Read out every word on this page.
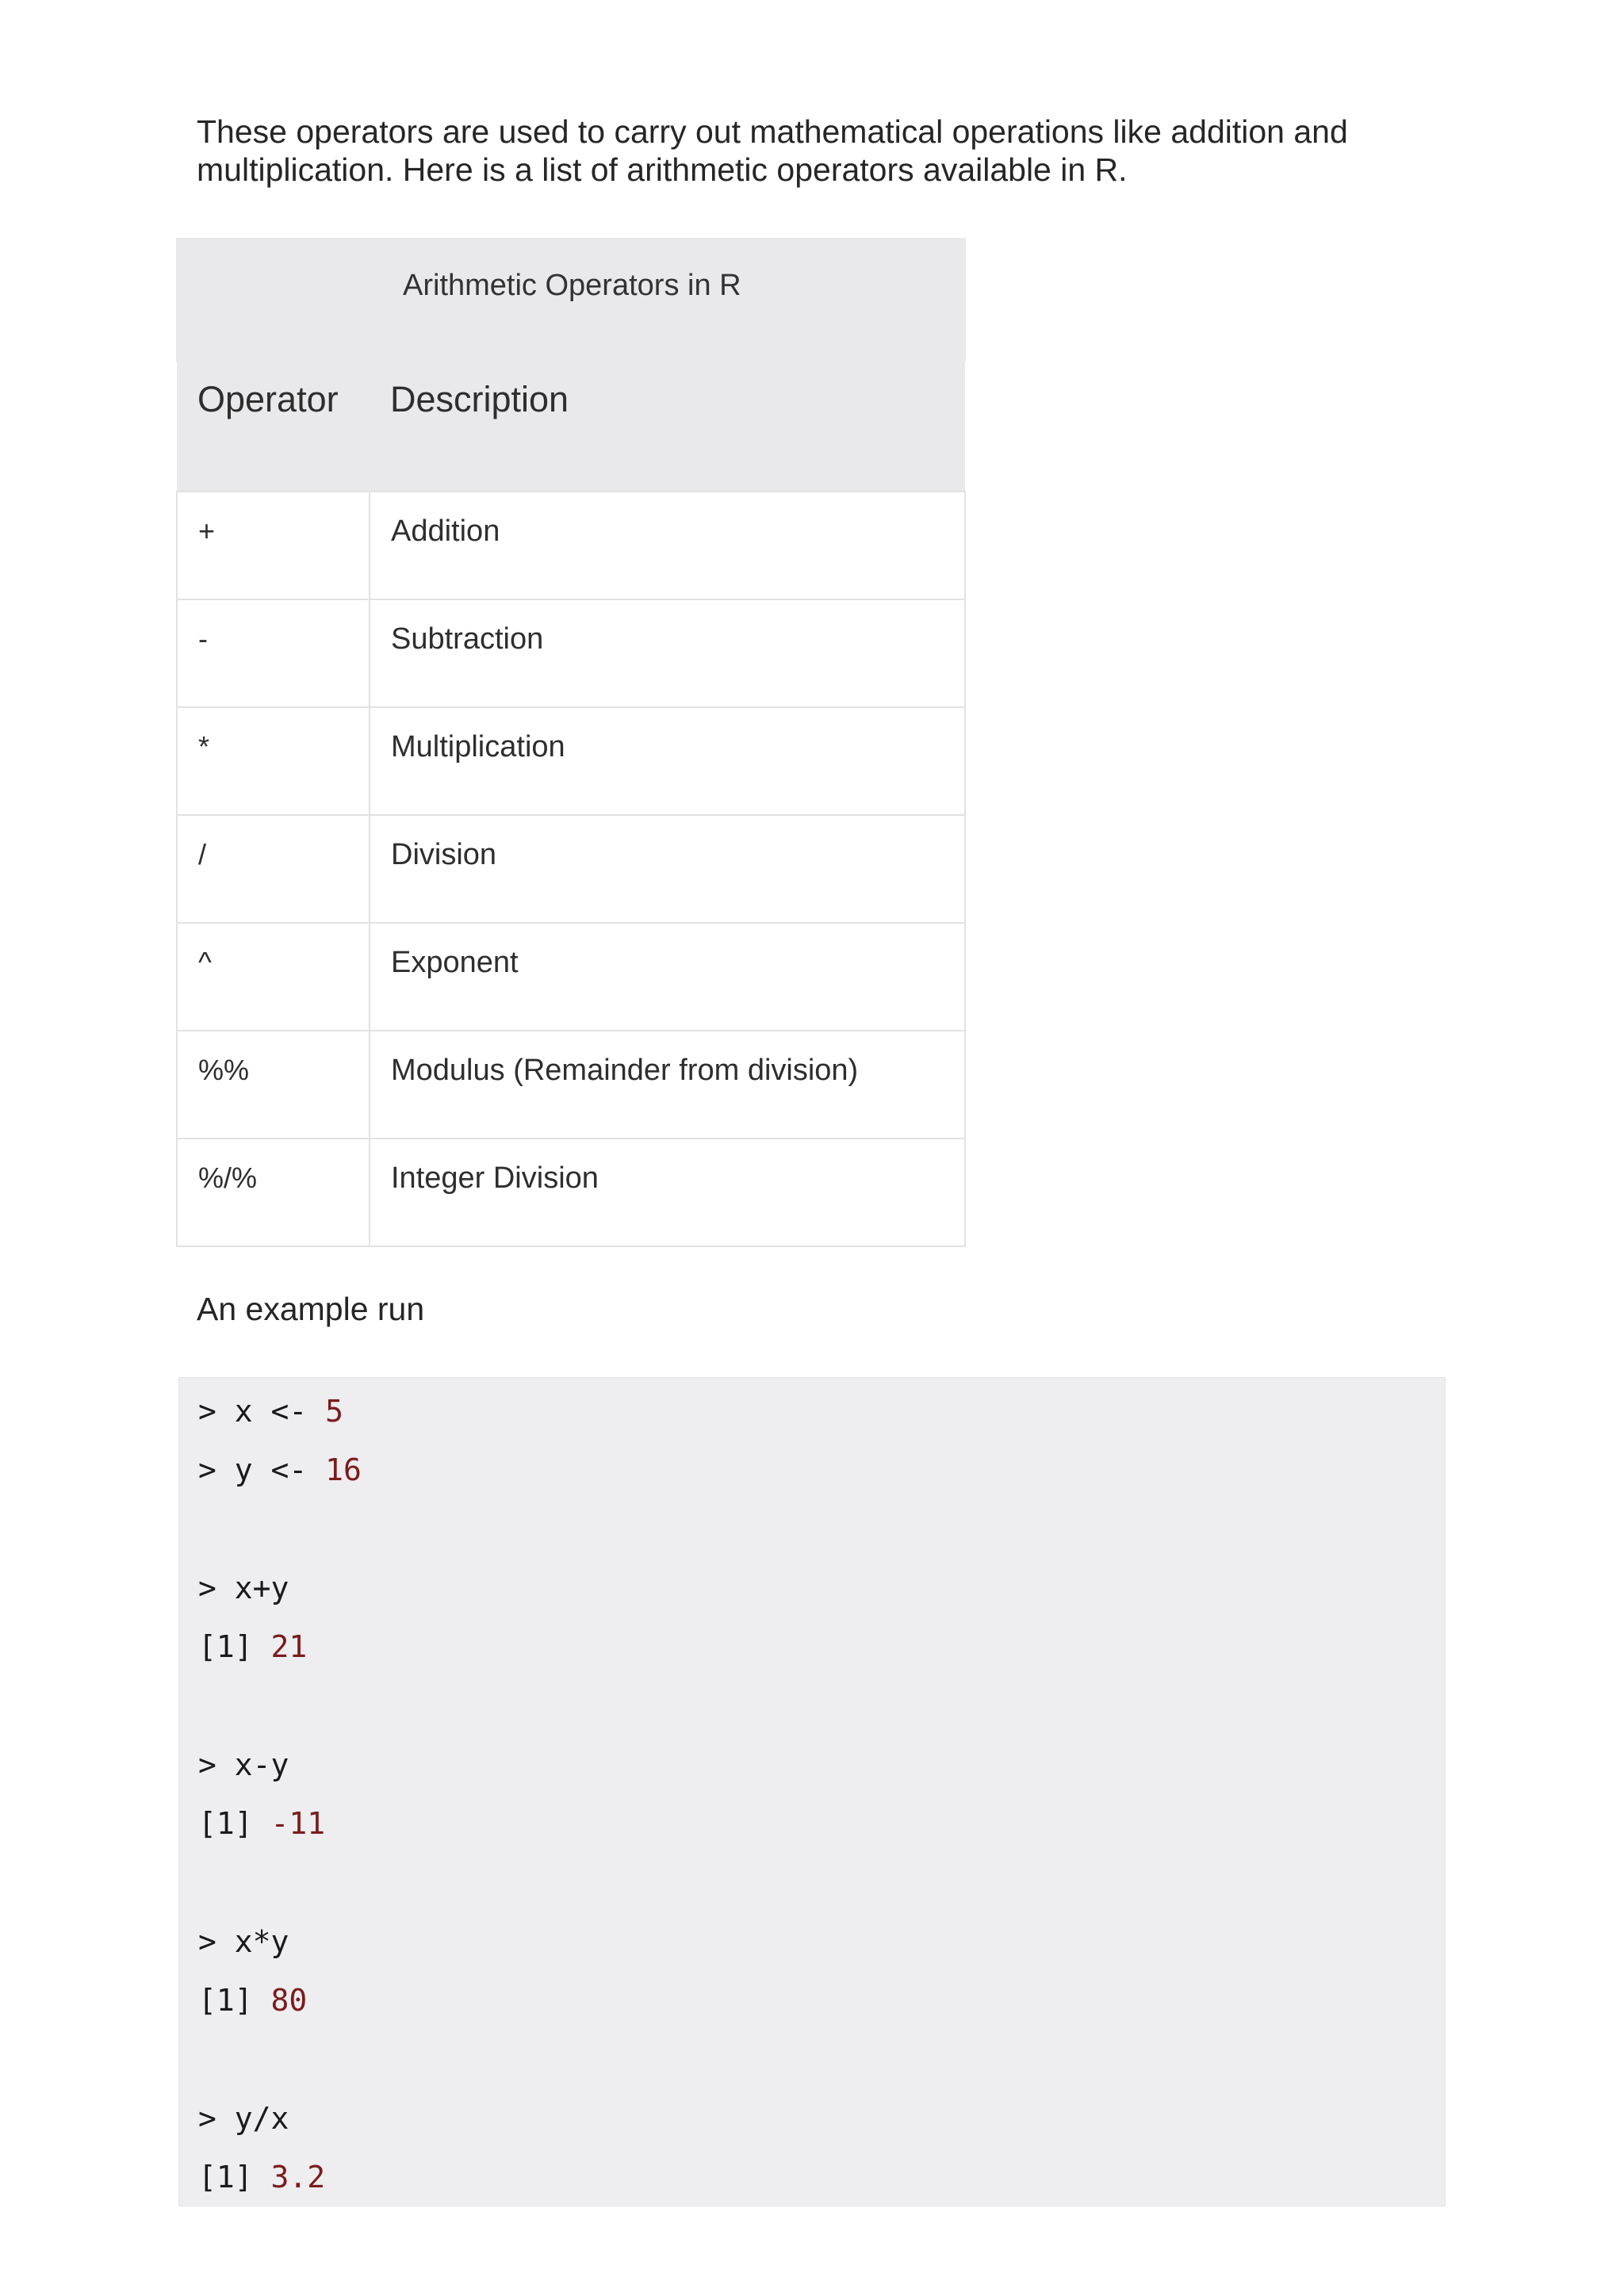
These operators are used to carry out mathematical operations like addition and
multiplication. Here is a list of arithmetic operators available in R.

Arithmetic Operators in R
Operator	Description
+	Addition
-	Subtraction
*	Multiplication
/	Division
^	Exponent
%%	Modulus (Remainder from division)
%/%	Integer Division

An example run

> x <- 5
> y <- 16
> x+y
[1] 21
> x-y
[1] -11
> x*y
[1] 80
> y/x
[1] 3.2
